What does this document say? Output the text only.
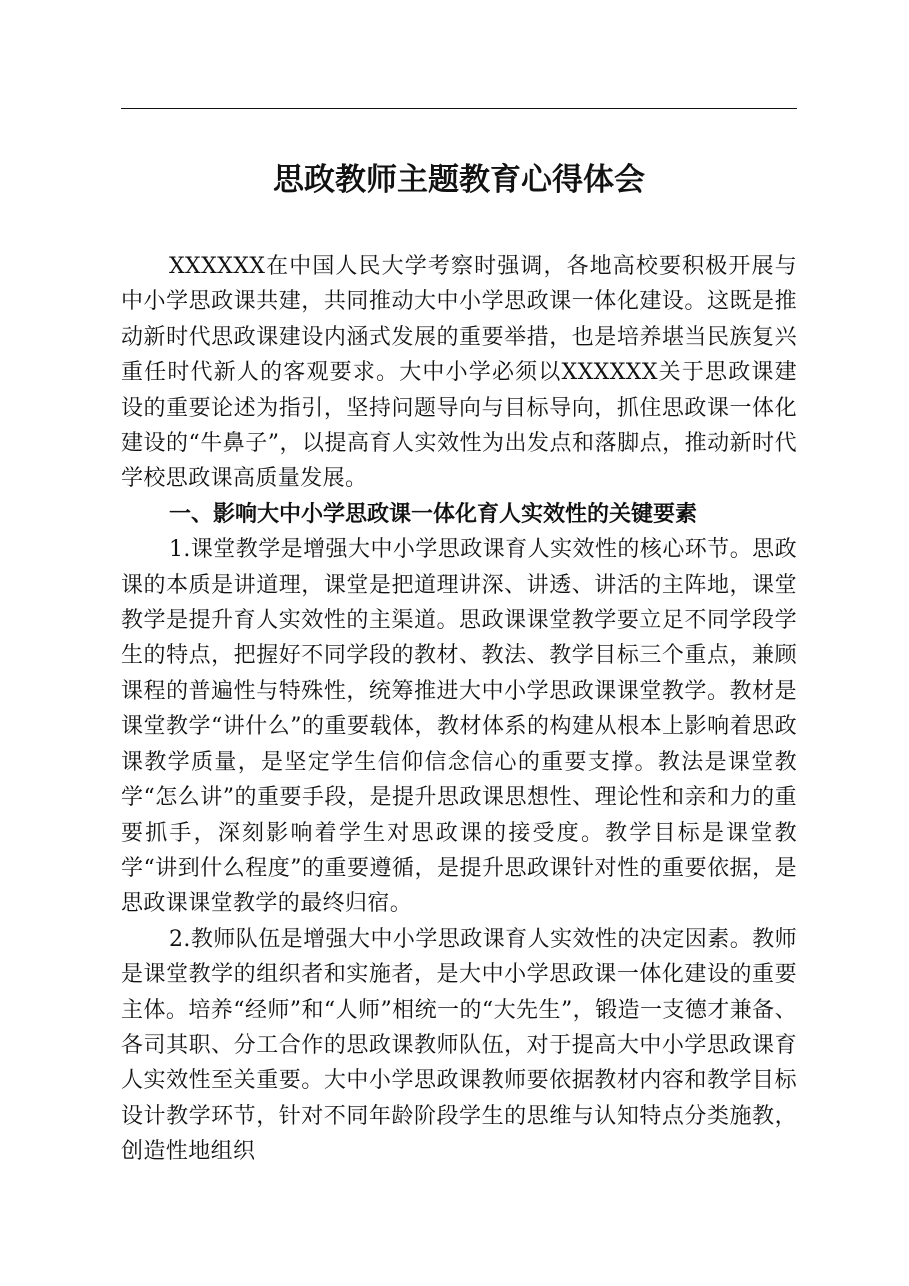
思政教师主题教育心得体会

XXXXXX在中国人民大学考察时强调，各地高校要积极开展与中小学思政课共建，共同推动大中小学思政课一体化建设。这既是推动新时代思政课建设内涵式发展的重要举措，也是培养堪当民族复兴重任时代新人的客观要求。大中小学必须以XXXXXX关于思政课建设的重要论述为指引，坚持问题导向与目标导向，抓住思政课一体化建设的“牛鼻子”，以提高育人实效性为出发点和落脚点，推动新时代学校思政课高质量发展。

一、影响大中小学思政课一体化育人实效性的关键要素

1.课堂教学是增强大中小学思政课育人实效性的核心环节。思政课的本质是讲道理，课堂是把道理讲深、讲透、讲活的主阵地，课堂教学是提升育人实效性的主渠道。思政课课堂教学要立足不同学段学生的特点，把握好不同学段的教材、教法、教学目标三个重点，兼顾课程的普遍性与特殊性，统筹推进大中小学思政课课堂教学。教材是课堂教学“讲什么”的重要载体，教材体系的构建从根本上影响着思政课教学质量，是坚定学生信仰信念信心的重要支撑。教法是课堂教学“怎么讲”的重要手段，是提升思政课思想性、理论性和亲和力的重要抓手，深刻影响着学生对思政课的接受度。教学目标是课堂教学“讲到什么程度”的重要遵循，是提升思政课针对性的重要依据，是思政课课堂教学的最终归宿。

2.教师队伍是增强大中小学思政课育人实效性的决定因素。教师是课堂教学的组织者和实施者，是大中小学思政课一体化建设的重要主体。培养“经师”和“人师”相统一的“大先生”，锻造一支德才兼备、各司其职、分工合作的思政课教师队伍，对于提高大中小学思政课育人实效性至关重要。大中小学思政课教师要依据教材内容和教学目标设计教学环节，针对不同年龄阶段学生的思维与认知特点分类施教，创造性地组织
